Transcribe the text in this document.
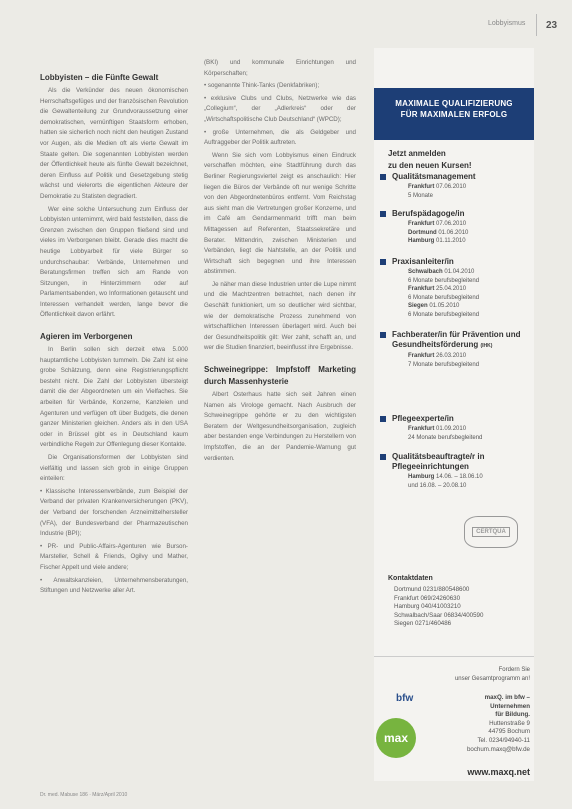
Lobbyismus 23
Lobbyisten – die Fünfte Gewalt

Als die Verkünder des neuen ökonomischen Herrschaftsgefüges und der französischen Revolution die Gewaltenteilung zur Grundvoraussetzung einer demokratischen, vernünftigen Staatsform erhoben, hatten sie sicherlich noch nicht den heutigen Zustand vor Augen, als die Medien oft als vierte Gewalt im Staate gelten. Die sogenannten Lobbyisten werden der Öffentlichkeit heute als fünfte Gewalt bezeichnet, deren Einfluss auf Politik und Gesetzgebung stetig wächst und vielerorts die eigentlichen Akteure der Demokratie zu Statisten degradiert.

Wer eine solche Untersuchung zum Einfluss der Lobbyisten unternimmt, wird bald feststellen, dass die Grenzen zwischen den Gruppen fließend sind und vieles im Verborgenen bleibt. Gerade dies macht die heutige Lobbyarbeit für viele Bürger so undurchschaubar: Verbände, Unternehmen und Beratungsfirmen treffen sich am Rande von Sitzungen, in Hinterzimmern oder auf Parlamentsabenden, wo Informationen getauscht und Interessen verhandelt werden, lange bevor die Öffentlichkeit davon erfährt.

Agieren im Verborgenen

In Berlin sollen sich derzeit etwa 5.000 hauptamtliche Lobbyisten tummeln. Die Zahl ist eine grobe Schätzung, denn eine Registrierungspflicht besteht nicht. Die Zahl der Lobbyisten übersteigt damit die der Abgeordneten um ein Vielfaches. Sie arbeiten für Verbände, Konzerne, Kanzleien und Agenturen und verfügen oft über Budgets, die denen ganzer Ministerien gleichen. Anders als in den USA oder in Brüssel gibt es in Deutschland kaum verbindliche Regeln zur Offenlegung dieser Kontakte.

Die Organisationsformen der Lobbyisten sind vielfältig und lassen sich grob in einige Gruppen einteilen:

• Klassische Interessenverbände, zum Beispiel der Verband der privaten Krankenversicherungen (PKV), der Verband der forschenden Arzneimittelhersteller (VFA), der Bundesverband der Pharmazeutischen Industrie (BPI);

• PR- und Public-Affairs-Agenturen wie Burson-Marsteller, Schell & Friends, Ogilvy und Mather, Fischer Appelt und viele andere;

• Anwaltskanzleien, Unternehmensberatungen, Stiftungen und Netzwerke aller Art.

(BKI) und kommunale Einrichtungen und Körperschaften;

• sogenannte Think-Tanks (Denkfabriken);

• exklusive Clubs und Clubs, Netzwerke wie das „Collegium“, der „Adlerkreis“ oder der „Wirtschaftspolitische Club Deutschland“ (WPCD);

• große Unternehmen, die als Geldgeber und Auftraggeber der Politik auftreten.

Wenn Sie sich vom Lobbyismus einen Eindruck verschaffen möchten, eine Stadtführung durch das Berliner Regierungsviertel zeigt es anschaulich: Hier liegen die Büros der Verbände oft nur wenige Schritte von den Abgeordnetenbüros entfernt. Vom Reichstag aus sieht man die Vertretungen großer Konzerne, und im Café am Gendarmenmarkt trifft man beim Mittagessen auf Referenten, Staatssekretäre und Berater. Mittendrin, zwischen Ministerien und Verbänden, liegt die Nahtstelle, an der Politik und Wirtschaft sich begegnen und ihre Interessen abstimmen.

Je näher man diese Industrien unter die Lupe nimmt und die Machtzentren betrachtet, nach denen ihr Geschäft funktioniert, um so deutlicher wird sichtbar, wie der demokratische Prozess zunehmend von wirtschaftlichen Interessen überlagert wird. Auch bei der Gesundheitspolitik gilt: Wer zahlt, schafft an, und wer die Studien finanziert, beeinflusst ihre Ergebnisse.

Schweinegrippe: Impfstoff Marketing durch Massenhysterie

Albert Osterhaus hatte sich seit Jahren einen Namen als Virologe gemacht. Nach Ausbruch der Schweinegrippe gehörte er zu den wichtigsten Beratern der Weltgesundheitsorganisation, zugleich aber bestanden enge Verbindungen zu Herstellern von Impfstoffen, die an der Pandemie-Warnung gut verdienten.

Dr. med. Mabuse 186 · März/April 2010
MAXIMALE QUALIFIZIERUNG
FÜR MAXIMALEN ERFOLG
Jetzt anmelden
zu den neuen Kursen!
Qualitätsmanagement
Frankfurt 07.06.2010
5 Monate
Berufspädagoge/in
Frankfurt 07.06.2010
Dortmund 01.06.2010
Hamburg 01.11.2010
Praxisanleiter/in
Schwalbach 01.04.2010
6 Monate berufsbegleitend
Frankfurt 25.04.2010
6 Monate berufsbegleitend
Siegen 01.05.2010
6 Monate berufsbegleitend
Fachberater/in für Prävention und Gesundheitsförderung (IHK)
Frankfurt 26.03.2010
7 Monate berufsbegleitend
Pflegeexperte/in
Frankfurt 01.09.2010
24 Monate berufsbegleitend
Qualitätsbeauftragte/r in Pflegeeinrichtungen
Hamburg 14.06. – 18.06.10
und 16.08. – 20.08.10
CERTQUA
Kontaktdaten
Dortmund 0231/880548600
Frankfurt 069/24260630
Hamburg 040/41003210
Schwalbach/Saar 06834/400590
Siegen 0271/460486
Fordern Sie
unser Gesamtprogramm an!
bfw
max
maxQ. im bfw –
Unternehmen
für Bildung.
Huttenstraße 9
44795 Bochum
Tel. 0234/94940-11
bochum.maxq@bfw.de
www.maxq.net
